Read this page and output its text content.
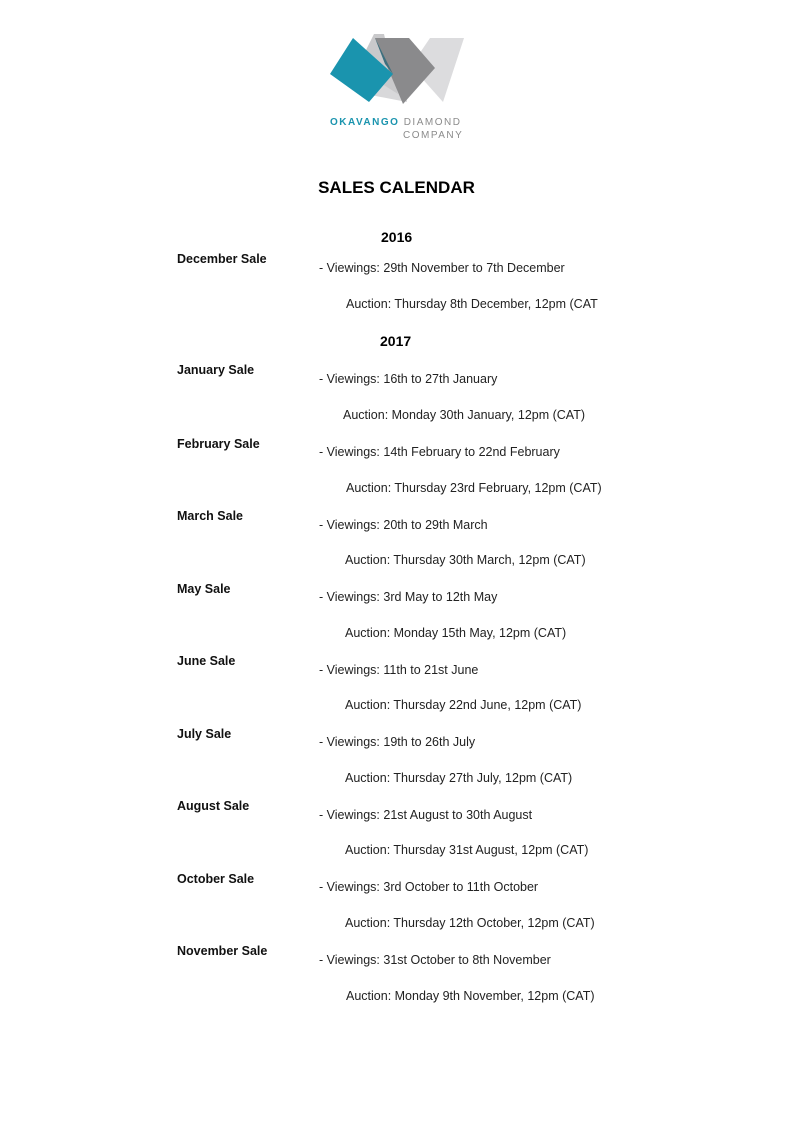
OKAVANGO DIAMOND
COMPANY
SALES CALENDAR
2016
2017
December Sale
- Viewings: 29th November to 7th December
Auction: Thursday 8th December, 12pm (CAT
January Sale
- Viewings: 16th to 27th January
Auction: Monday 30th January, 12pm (CAT)
February Sale
- Viewings: 14th February to 22nd February
Auction: Thursday 23rd February, 12pm (CAT)
March Sale
- Viewings: 20th to 29th March
Auction: Thursday 30th March, 12pm (CAT)
May Sale
- Viewings: 3rd May to 12th May
Auction: Monday 15th May, 12pm (CAT)
June Sale
- Viewings: 11th to 21st June
Auction: Thursday 22nd June, 12pm (CAT)
July Sale
- Viewings: 19th to 26th July
Auction: Thursday 27th July, 12pm (CAT)
August Sale
- Viewings: 21st August to 30th August
Auction: Thursday 31st August, 12pm (CAT)
October Sale
- Viewings: 3rd October to 11th October
Auction: Thursday 12th October, 12pm (CAT)
November Sale
- Viewings: 31st October to 8th November
Auction: Monday 9th November, 12pm (CAT)
